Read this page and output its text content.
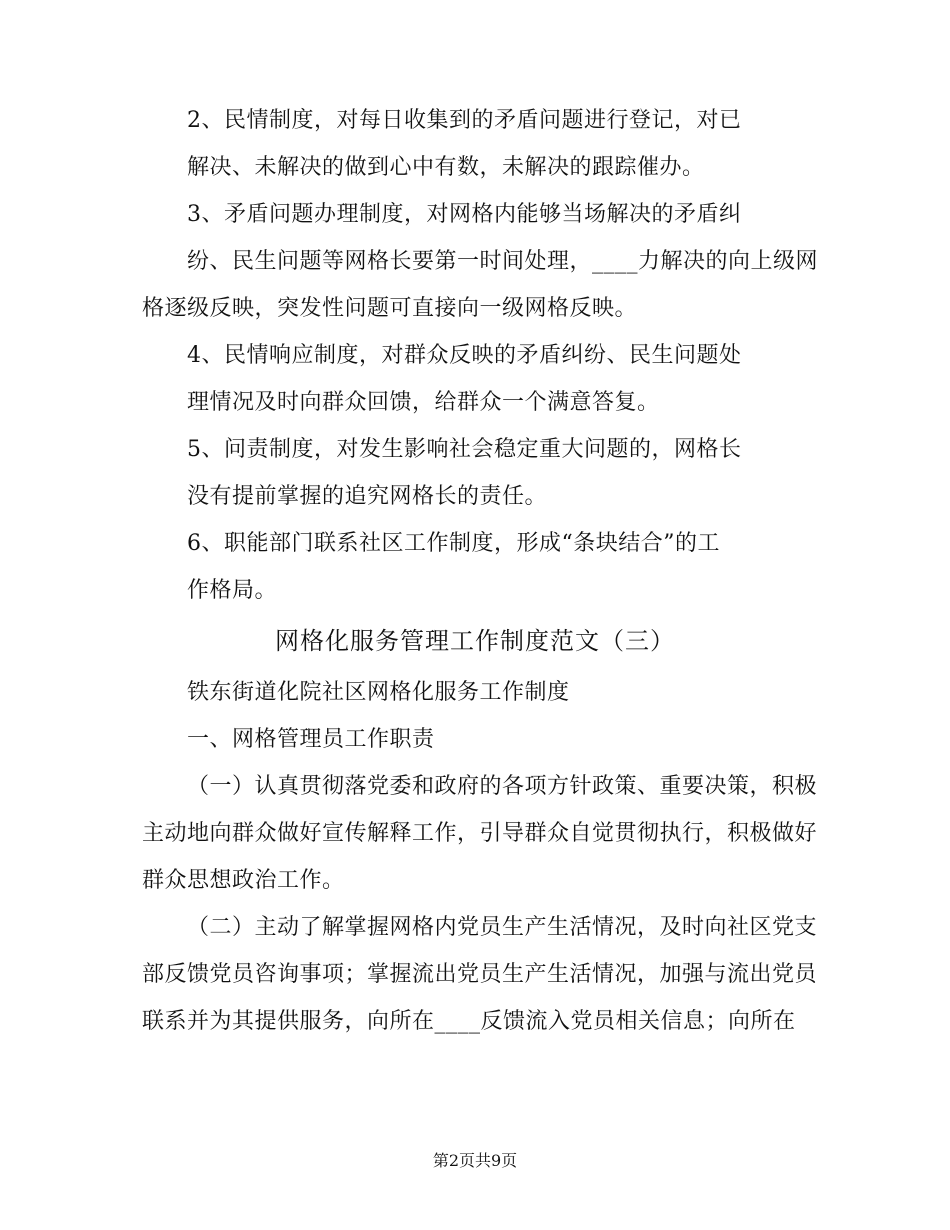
2、民情制度，对每日收集到的矛盾问题进行登记，对已
解决、未解决的做到心中有数，未解决的跟踪催办。
3、矛盾问题办理制度，对网格内能够当场解决的矛盾纠
纷、民生问题等网格长要第一时间处理，____力解决的向上级网
格逐级反映，突发性问题可直接向一级网格反映。
4、民情响应制度，对群众反映的矛盾纠纷、民生问题处
理情况及时向群众回馈，给群众一个满意答复。
5、问责制度，对发生影响社会稳定重大问题的，网格长
没有提前掌握的追究网格长的责任。
6、职能部门联系社区工作制度，形成“条块结合”的工
作格局。
网格化服务管理工作制度范文（三）
铁东街道化院社区网格化服务工作制度
一、网格管理员工作职责
（一）认真贯彻落党委和政府的各项方针政策、重要决策，积极
主动地向群众做好宣传解释工作，引导群众自觉贯彻执行，积极做好
群众思想政治工作。
（二）主动了解掌握网格内党员生产生活情况，及时向社区党支
部反馈党员咨询事项；掌握流出党员生产生活情况，加强与流出党员
联系并为其提供服务，向所在____反馈流入党员相关信息；向所在
第2页共9页
